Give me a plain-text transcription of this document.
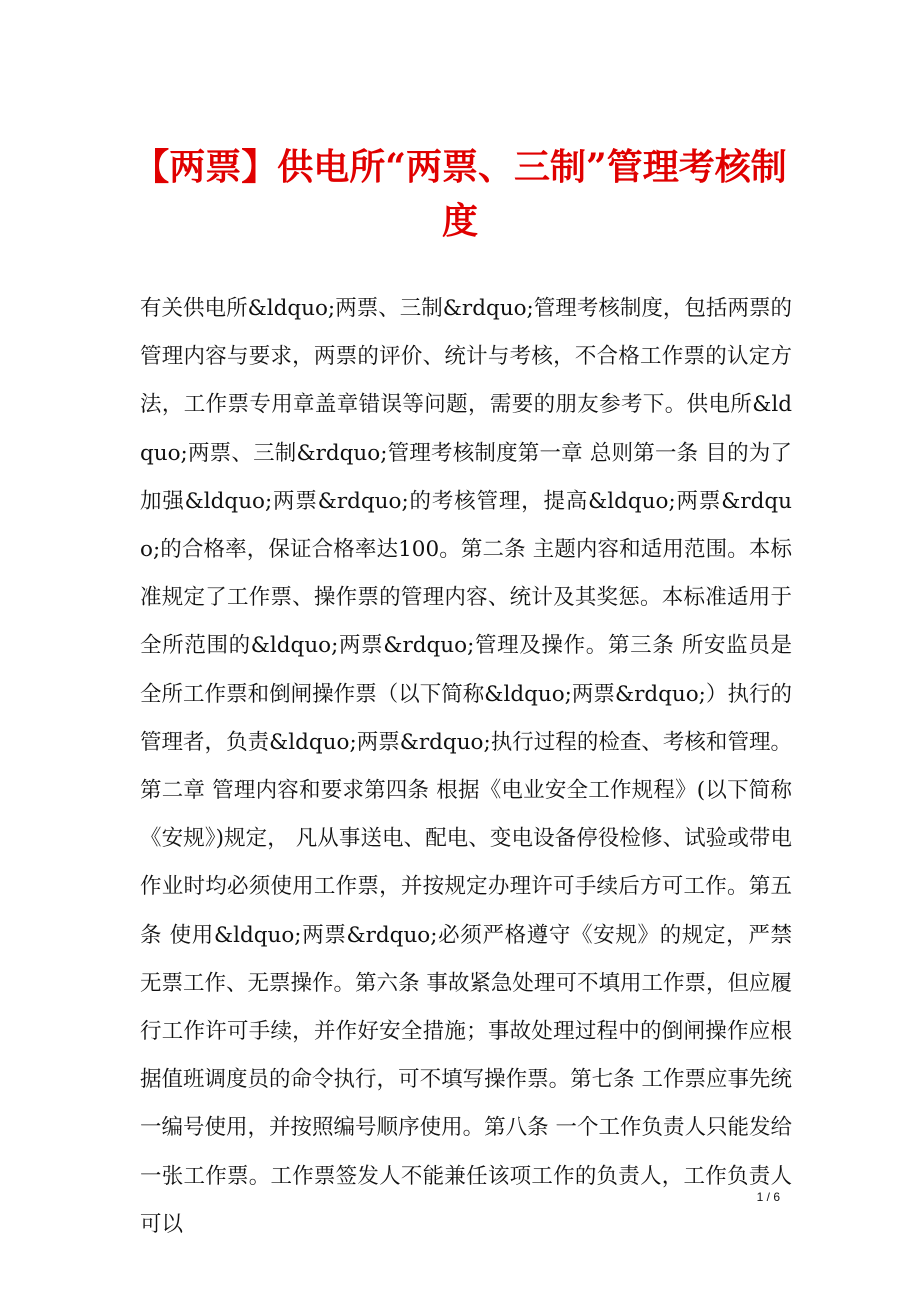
【两票】供电所“两票、三制”管理考核制度

有关供电所&ldquo;两票、三制&rdquo;管理考核制度，包括两票的管理内容与要求，两票的评价、统计与考核，不合格工作票的认定方法，工作票专用章盖章错误等问题，需要的朋友参考下。供电所&ldquo;两票、三制&rdquo;管理考核制度第一章 总则第一条 目的为了加强&ldquo;两票&rdquo;的考核管理，提高&ldquo;两票&rdquo;的合格率，保证合格率达100。第二条 主题内容和适用范围。本标准规定了工作票、操作票的管理内容、统计及其奖惩。本标准适用于全所范围的&ldquo;两票&rdquo;管理及操作。第三条 所安监员是全所工作票和倒闸操作票（以下简称&ldquo;两票&rdquo;）执行的管理者，负责&ldquo;两票&rdquo;执行过程的检查、考核和管理。第二章 管理内容和要求第四条 根据《电业安全工作规程》(以下简称《安规》)规定， 凡从事送电、配电、变电设备停役检修、试验或带电作业时均必须使用工作票，并按规定办理许可手续后方可工作。第五条 使用&ldquo;两票&rdquo;必须严格遵守《安规》的规定，严禁无票工作、无票操作。第六条 事故紧急处理可不填用工作票，但应履行工作许可手续，并作好安全措施；事故处理过程中的倒闸操作应根据值班调度员的命令执行，可不填写操作票。第七条 工作票应事先统一编号使用，并按照编号顺序使用。第八条 一个工作负责人只能发给一张工作票。工作票签发人不能兼任该项工作的负责人，工作负责人可以

1 / 6
